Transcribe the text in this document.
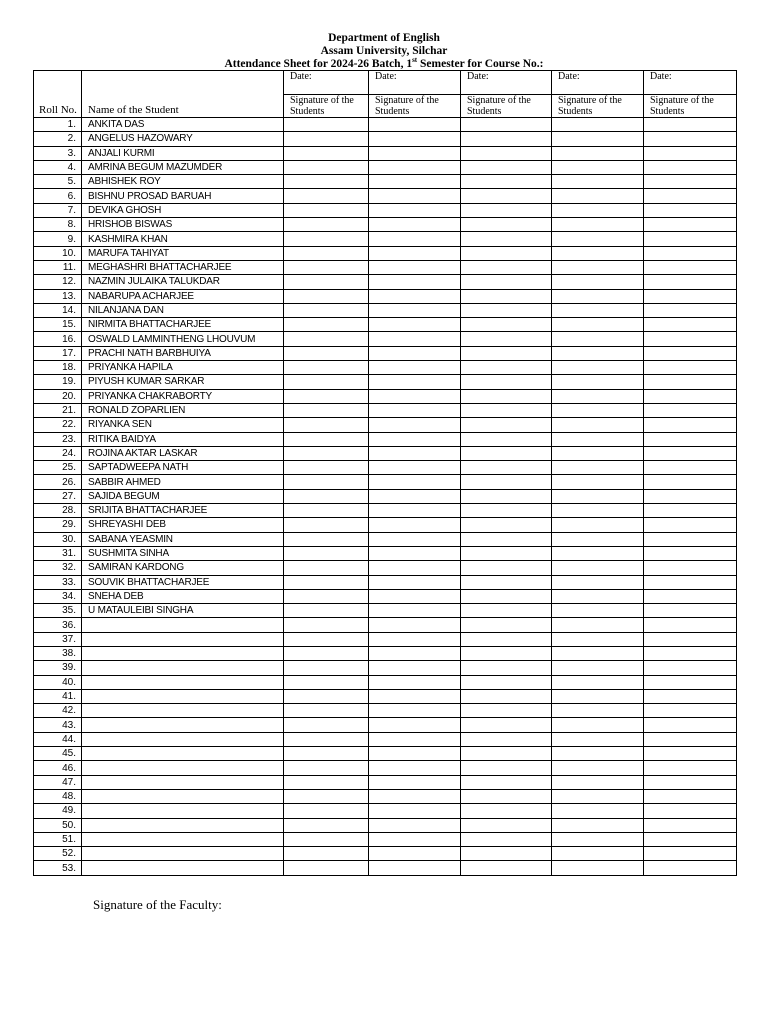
Department of English
Assam University, Silchar
Attendance Sheet for 2024-26 Batch, 1st Semester for Course No.:
Roll No.	Name of the Student	Date:	Date:	Date:	Date:	Date:
		Signature of the Students	Signature of the Students	Signature of the Students	Signature of the Students	Signature of the Students
1.	ANKITA DAS					
2.	ANGELUS HAZOWARY					
3.	ANJALI KURMI					
4.	AMRINA BEGUM MAZUMDER					
5.	ABHISHEK ROY					
6.	BISHNU PROSAD BARUAH					
7.	DEVIKA GHOSH					
8.	HRISHOB BISWAS					
9.	KASHMIRA KHAN					
10.	MARUFA TAHIYAT					
11.	MEGHASHRI BHATTACHARJEE					
12.	NAZMIN JULAIKA TALUKDAR					
13.	NABARUPA ACHARJEE					
14.	NILANJANA DAN					
15.	NIRMITA BHATTACHARJEE					
16.	OSWALD LAMMINTHENG LHOUVUM					
17.	PRACHI NATH BARBHUIYA					
18.	PRIYANKA HAPILA					
19.	PIYUSH KUMAR SARKAR					
20.	PRIYANKA CHAKRABORTY					
21.	RONALD ZOPARLIEN					
22.	RIYANKA SEN					
23.	RITIKA BAIDYA					
24.	ROJINA AKTAR LASKAR					
25.	SAPTADWEEPA NATH					
26.	SABBIR AHMED					
27.	SAJIDA BEGUM					
28.	SRIJITA BHATTACHARJEE					
29.	SHREYASHI DEB					
30.	SABANA YEASMIN					
31.	SUSHMITA SINHA					
32.	SAMIRAN KARDONG					
33.	SOUVIK BHATTACHARJEE					
34.	SNEHA DEB					
35.	U MATAULEIBI SINGHA					
36.						
37.						
38.						
39.						
40.						
41.						
42.						
43.						
44.						
45.						
46.						
47.						
48.						
49.						
50.						
51.						
52.						
53.						
Signature of the Faculty:
